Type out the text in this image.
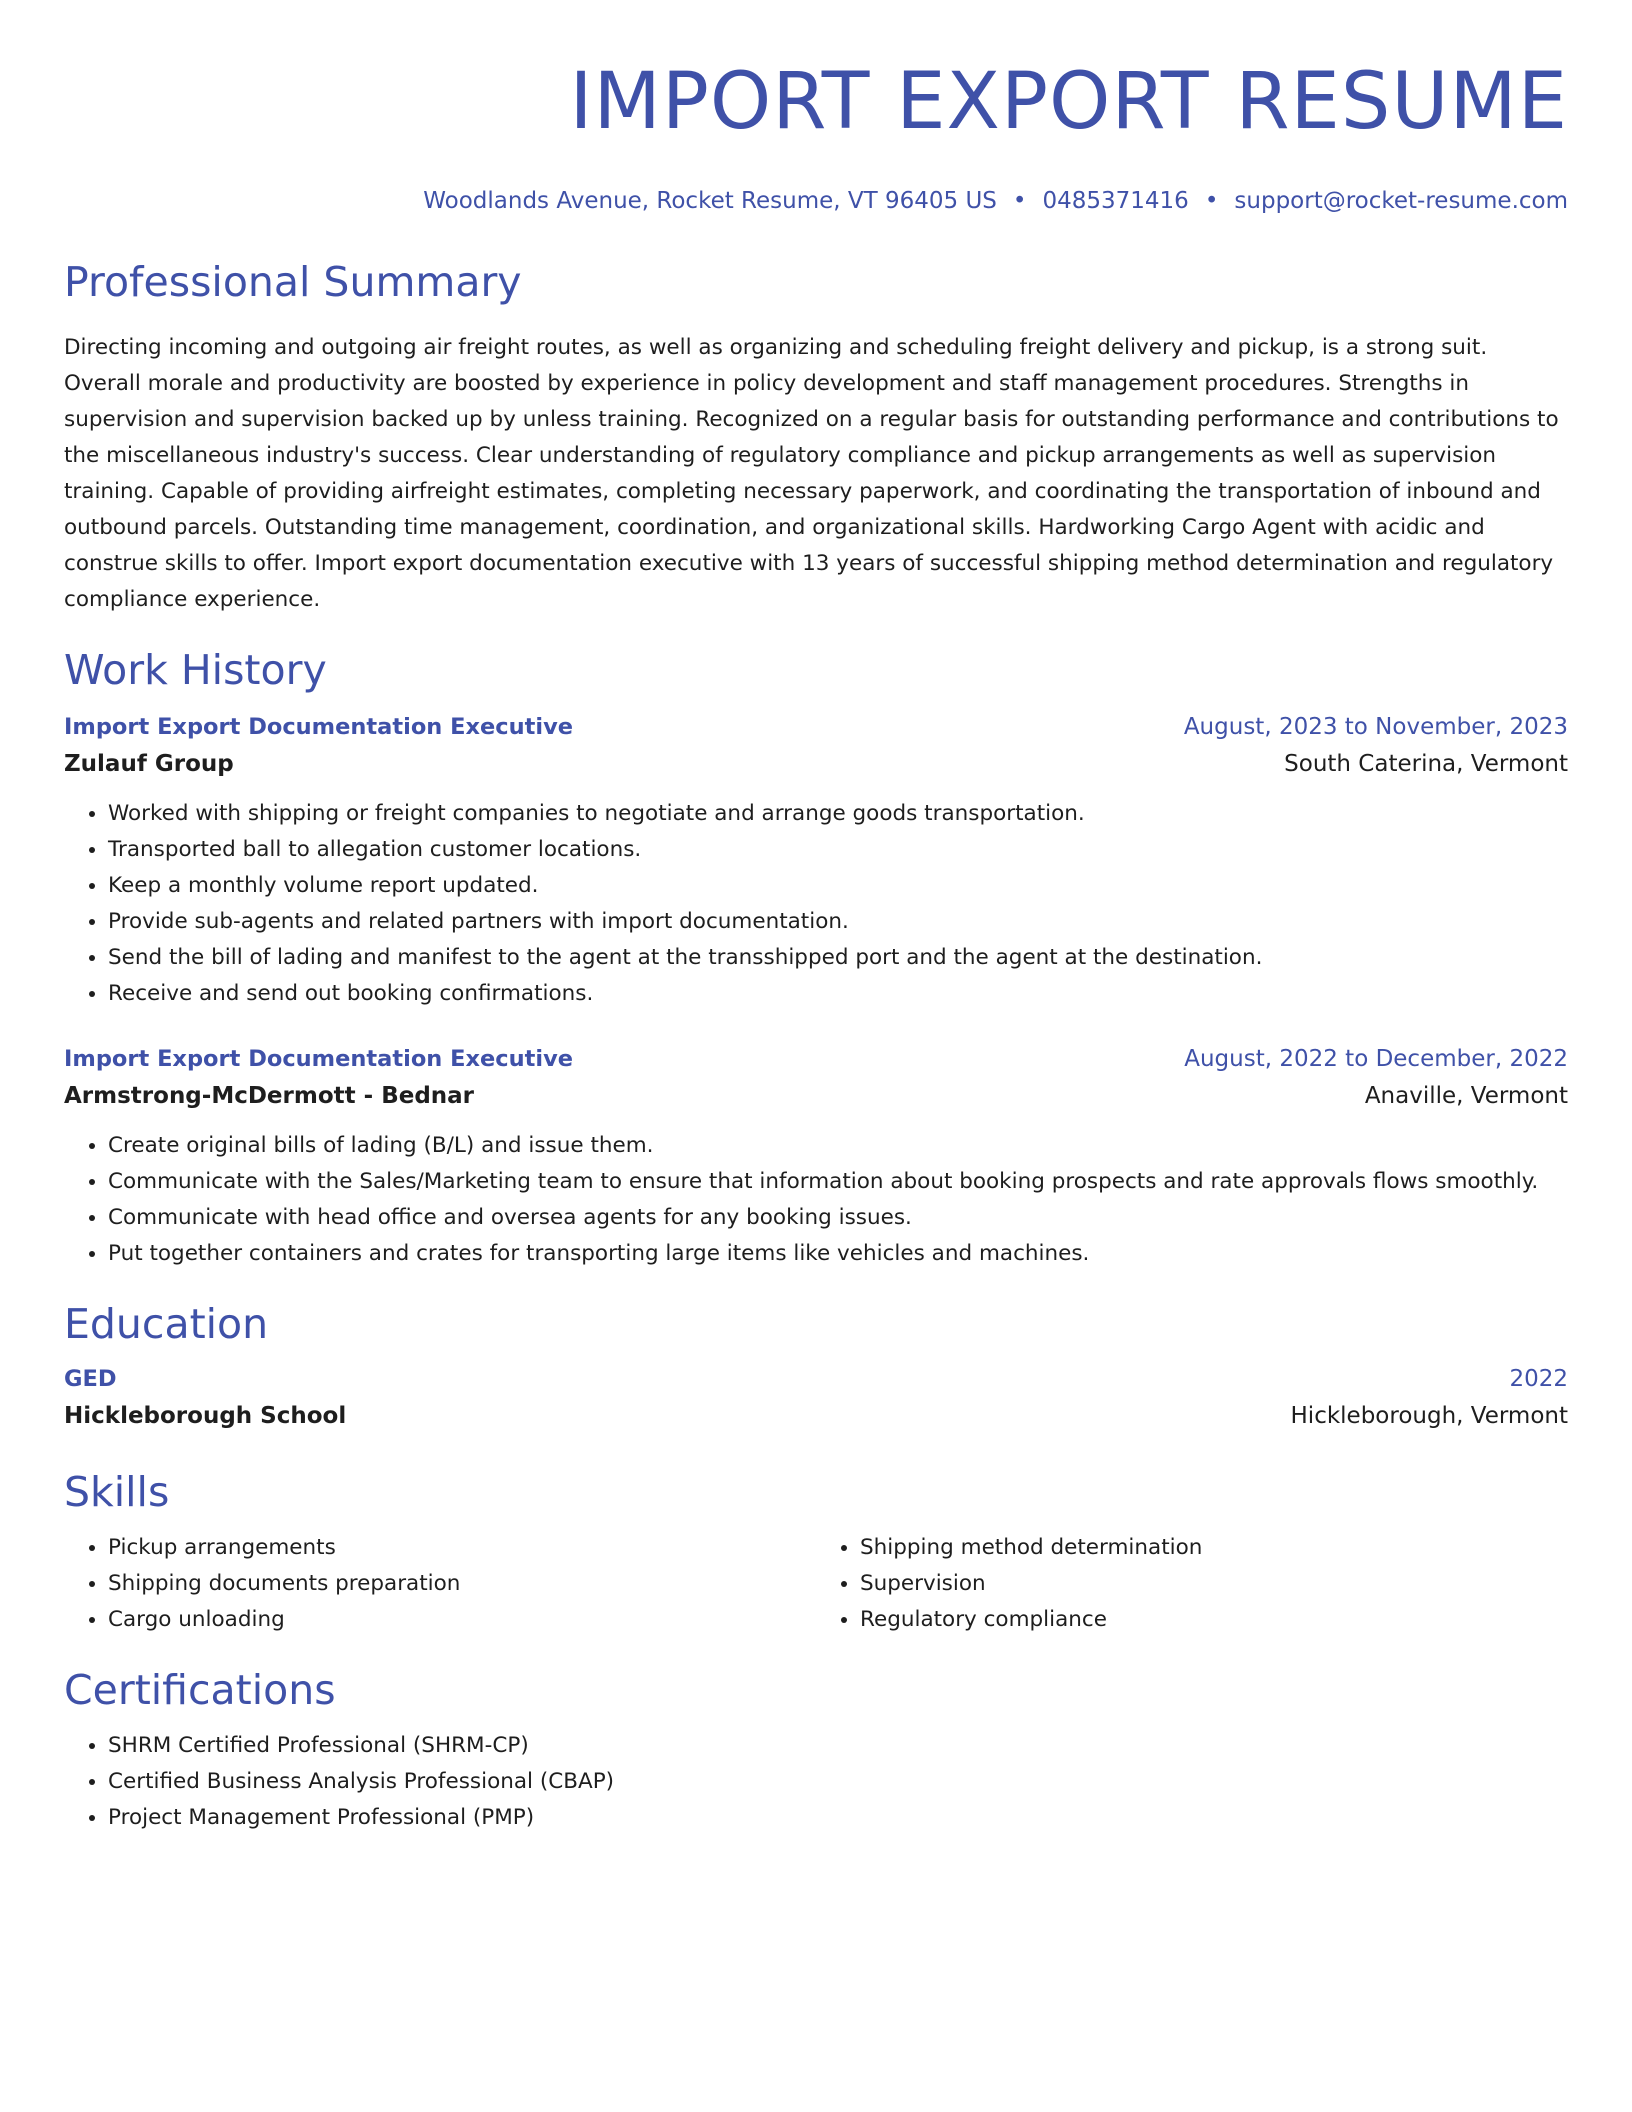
IMPORT EXPORT RESUME
Woodlands Avenue, Rocket Resume, VT 96405 US • 0485371416 • support@rocket-resume.com
Professional Summary
Directing incoming and outgoing air freight routes, as well as organizing and scheduling freight delivery and pickup, is a strong suit. Overall morale and productivity are boosted by experience in policy development and staff management procedures. Strengths in supervision and supervision backed up by unless training. Recognized on a regular basis for outstanding performance and contributions to the miscellaneous industry's success. Clear understanding of regulatory compliance and pickup arrangements as well as supervision training. Capable of providing airfreight estimates, completing necessary paperwork, and coordinating the transportation of inbound and outbound parcels. Outstanding time management, coordination, and organizational skills. Hardworking Cargo Agent with acidic and construe skills to offer. Import export documentation executive with 13 years of successful shipping method determination and regulatory compliance experience.
Work History
Import Export Documentation Executive	August, 2023 to November, 2023
Zulauf Group	South Caterina, Vermont
• Worked with shipping or freight companies to negotiate and arrange goods transportation.
• Transported ball to allegation customer locations.
• Keep a monthly volume report updated.
• Provide sub-agents and related partners with import documentation.
• Send the bill of lading and manifest to the agent at the transshipped port and the agent at the destination.
• Receive and send out booking confirmations.
Import Export Documentation Executive	August, 2022 to December, 2022
Armstrong-McDermott - Bednar	Anaville, Vermont
• Create original bills of lading (B/L) and issue them.
• Communicate with the Sales/Marketing team to ensure that information about booking prospects and rate approvals flows smoothly.
• Communicate with head office and oversea agents for any booking issues.
• Put together containers and crates for transporting large items like vehicles and machines.
Education
GED	2022
Hickleborough School	Hickleborough, Vermont
Skills
• Pickup arrangements
• Shipping documents preparation
• Cargo unloading
• Shipping method determination
• Supervision
• Regulatory compliance
Certifications
• SHRM Certified Professional (SHRM-CP)
• Certified Business Analysis Professional (CBAP)
• Project Management Professional (PMP)
